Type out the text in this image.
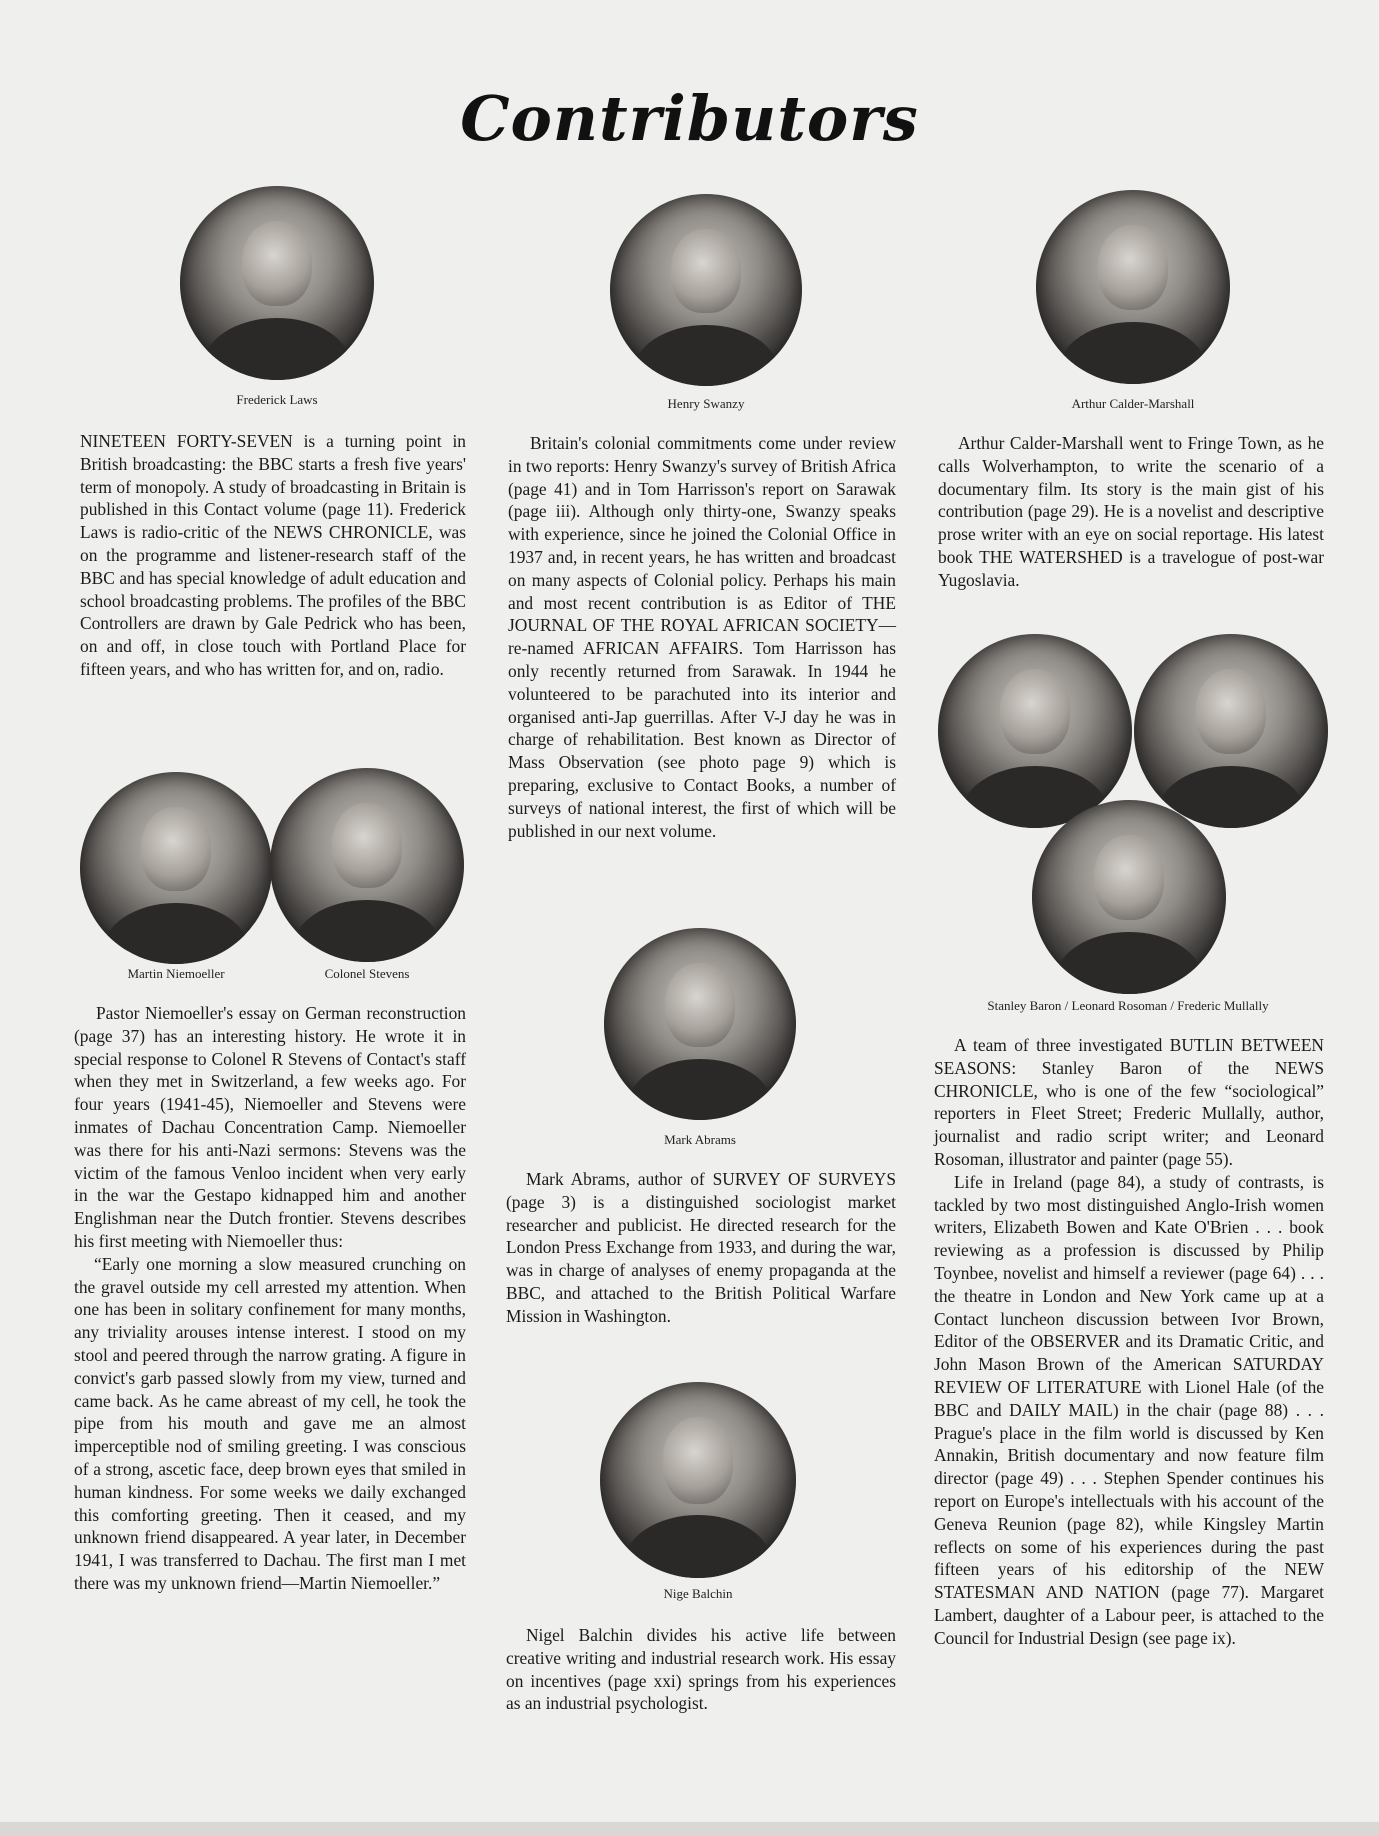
Contributors
Frederick Laws	Henry Swanzy	Arthur Calder-Marshall
Martin Niemoeller	Colonel Stevens
Stanley Baron / Leonard Rosoman / Frederic Mullally
Mark Abrams
Nige Balchin

NINETEEN FORTY-SEVEN is a turning point in British broadcasting: the BBC starts a fresh five years' term of monopoly. A study of broadcasting in Britain is published in this Contact volume (page 11). Frederick Laws is radio-critic of the NEWS CHRONICLE, was on the programme and listener-research staff of the BBC and has special knowledge of adult education and school broadcasting problems. The profiles of the BBC Controllers are drawn by Gale Pedrick who has been, on and off, in close touch with Portland Place for fifteen years, and who has written for, and on, radio.

Pastor Niemoeller's essay on German reconstruction (page 37) has an interesting history. He wrote it in special response to Colonel R Stevens of Contact's staff when they met in Switzerland, a few weeks ago. For four years (1941-45), Niemoeller and Stevens were inmates of Dachau Concentration Camp. Niemoeller was there for his anti-Nazi sermons: Stevens was the victim of the famous Venloo incident when very early in the war the Gestapo kidnapped him and another Englishman near the Dutch frontier. Stevens describes his first meeting with Niemoeller thus:

“Early one morning a slow measured crunching on the gravel outside my cell arrested my attention. When one has been in solitary confinement for many months, any triviality arouses intense interest. I stood on my stool and peered through the narrow grating. A figure in convict's garb passed slowly from my view, turned and came back. As he came abreast of my cell, he took the pipe from his mouth and gave me an almost imperceptible nod of smiling greeting. I was conscious of a strong, ascetic face, deep brown eyes that smiled in human kindness. For some weeks we daily exchanged this comforting greeting. Then it ceased, and my unknown friend disappeared. A year later, in December 1941, I was transferred to Dachau. The first man I met there was my unknown friend—Martin Niemoeller.”

Britain's colonial commitments come under review in two reports: Henry Swanzy's survey of British Africa (page 41) and in Tom Harrisson's report on Sarawak (page iii). Although only thirty-one, Swanzy speaks with experience, since he joined the Colonial Office in 1937 and, in recent years, he has written and broadcast on many aspects of Colonial policy. Perhaps his main and most recent contribution is as Editor of THE JOURNAL OF THE ROYAL AFRICAN SOCIETY—re-named AFRICAN AFFAIRS. Tom Harrisson has only recently returned from Sarawak. In 1944 he volunteered to be parachuted into its interior and organised anti-Jap guerrillas. After V-J day he was in charge of rehabilitation. Best known as Director of Mass Observation (see photo page 9) which is preparing, exclusive to Contact Books, a number of surveys of national interest, the first of which will be published in our next volume.

Mark Abrams, author of SURVEY OF SURVEYS (page 3) is a distinguished sociologist market researcher and publicist. He directed research for the London Press Exchange from 1933, and during the war, was in charge of analyses of enemy propaganda at the BBC, and attached to the British Political Warfare Mission in Washington.

Nigel Balchin divides his active life between creative writing and industrial research work. His essay on incentives (page xxi) springs from his experiences as an industrial psychologist.

Arthur Calder-Marshall went to Fringe Town, as he calls Wolverhampton, to write the scenario of a documentary film. Its story is the main gist of his contribution (page 29). He is a novelist and descriptive prose writer with an eye on social reportage. His latest book THE WATERSHED is a travelogue of post-war Yugoslavia.

A team of three investigated BUTLIN BETWEEN SEASONS: Stanley Baron of the NEWS CHRONICLE, who is one of the few “sociological” reporters in Fleet Street; Frederic Mullally, author, journalist and radio script writer; and Leonard Rosoman, illustrator and painter (page 55).

Life in Ireland (page 84), a study of contrasts, is tackled by two most distinguished Anglo-Irish women writers, Elizabeth Bowen and Kate O'Brien . . . book reviewing as a profession is discussed by Philip Toynbee, novelist and himself a reviewer (page 64) . . . the theatre in London and New York came up at a Contact luncheon discussion between Ivor Brown, Editor of the OBSERVER and its Dramatic Critic, and John Mason Brown of the American SATURDAY REVIEW OF LITERATURE with Lionel Hale (of the BBC and DAILY MAIL) in the chair (page 88) . . . Prague's place in the film world is discussed by Ken Annakin, British documentary and now feature film director (page 49) . . . Stephen Spender continues his report on Europe's intellectuals with his account of the Geneva Reunion (page 82), while Kingsley Martin reflects on some of his experiences during the past fifteen years of his editorship of the NEW STATESMAN AND NATION (page 77). Margaret Lambert, daughter of a Labour peer, is attached to the Council for Industrial Design (see page ix).
